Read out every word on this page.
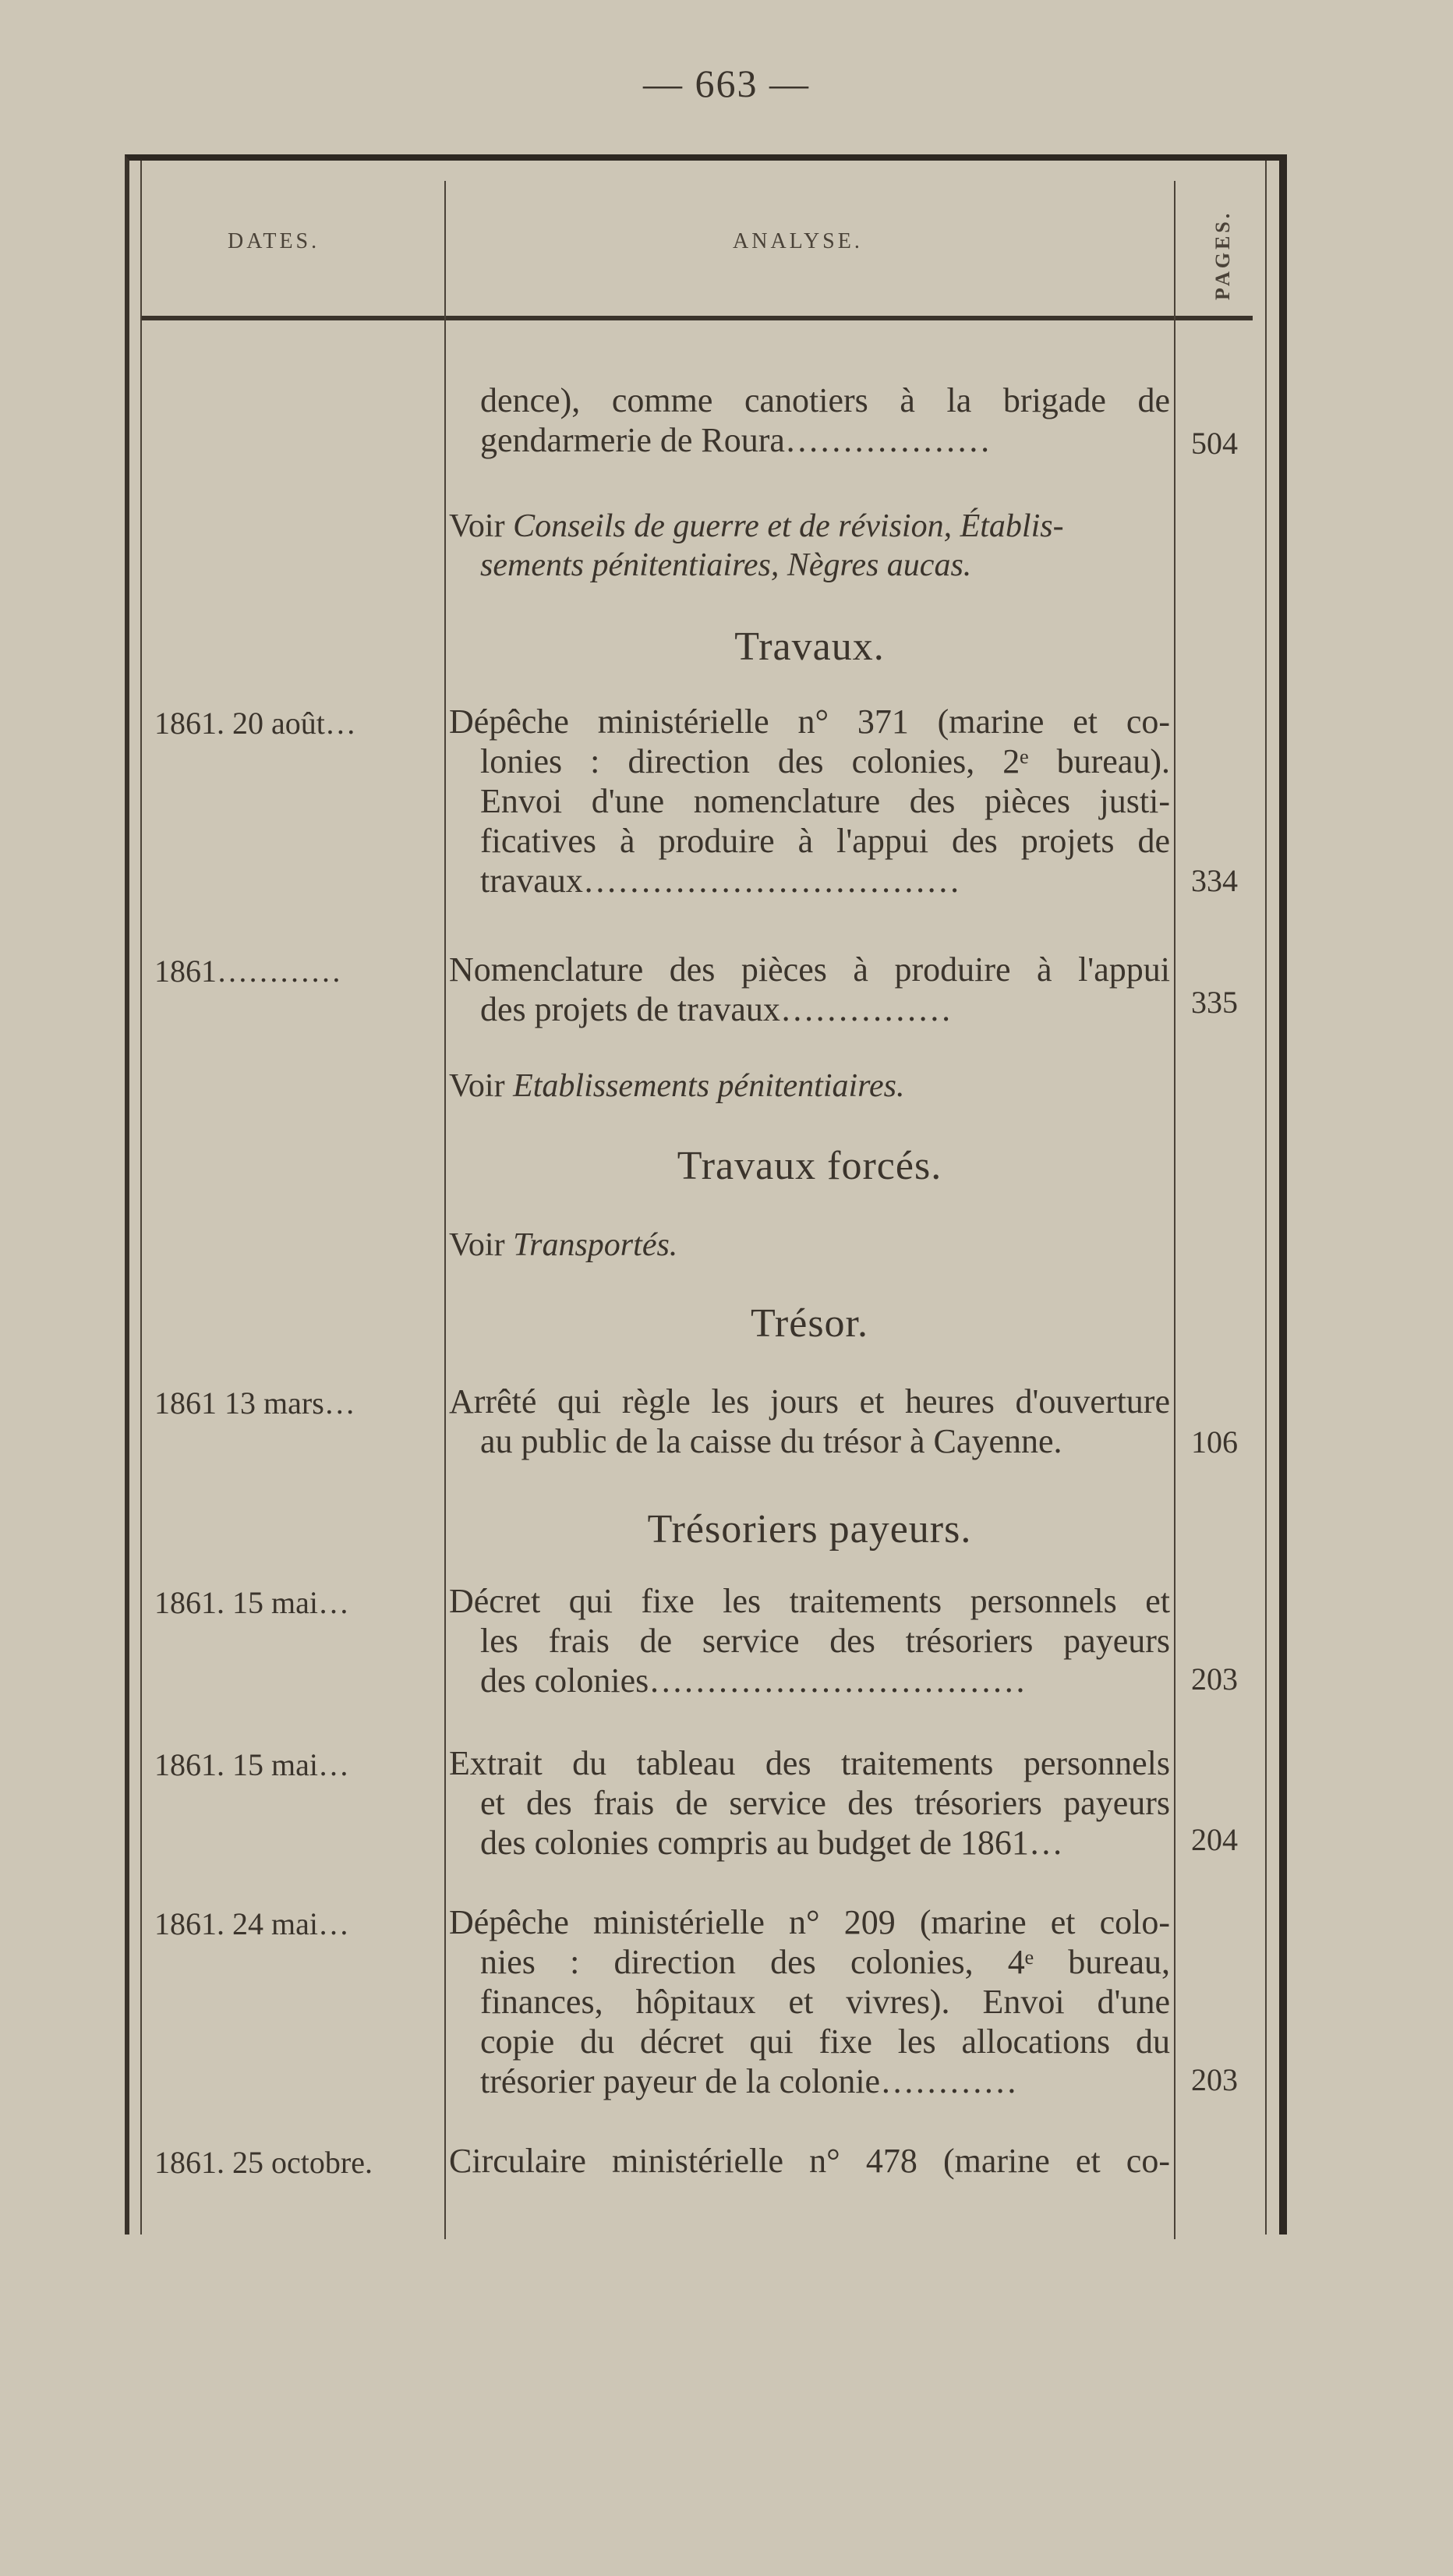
— 663 —
DATES.	ANALYSE.	PAGES.
dence), comme canotiers à la brigade de
gendarmerie de Roura………………	504
Voir Conseils de guerre et de révision, Établis-
sements pénitentiaires, Nègres aucas.
Travaux.
1861. 20 août…	Dépêche ministérielle n° 371 (marine et co-
lonies : direction des colonies, 2ᵉ bureau).
Envoi d'une nomenclature des pièces justi-
ficatives à produire à l'appui des projets de
travaux……………………………	334
1861…………	Nomenclature des pièces à produire à l'appui
des projets de travaux……………	335
Voir Etablissements pénitentiaires.
Travaux forcés.
Voir Transportés.
Trésor.
1861 13 mars…	Arrêté qui règle les jours et heures d'ouverture
au public de la caisse du trésor à Cayenne.	106
Trésoriers payeurs.
1861. 15 mai…	Décret qui fixe les traitements personnels et
les frais de service des trésoriers payeurs
des colonies……………………………	203
1861. 15 mai…	Extrait du tableau des traitements personnels
et des frais de service des trésoriers payeurs
des colonies compris au budget de 1861…	204
1861. 24 mai…	Dépêche ministérielle n° 209 (marine et colo-
nies : direction des colonies, 4ᵉ bureau,
finances, hôpitaux et vivres). Envoi d'une
copie du décret qui fixe les allocations du
trésorier payeur de la colonie…………	203
1861. 25 octobre.	Circulaire ministérielle n° 478 (marine et co-
